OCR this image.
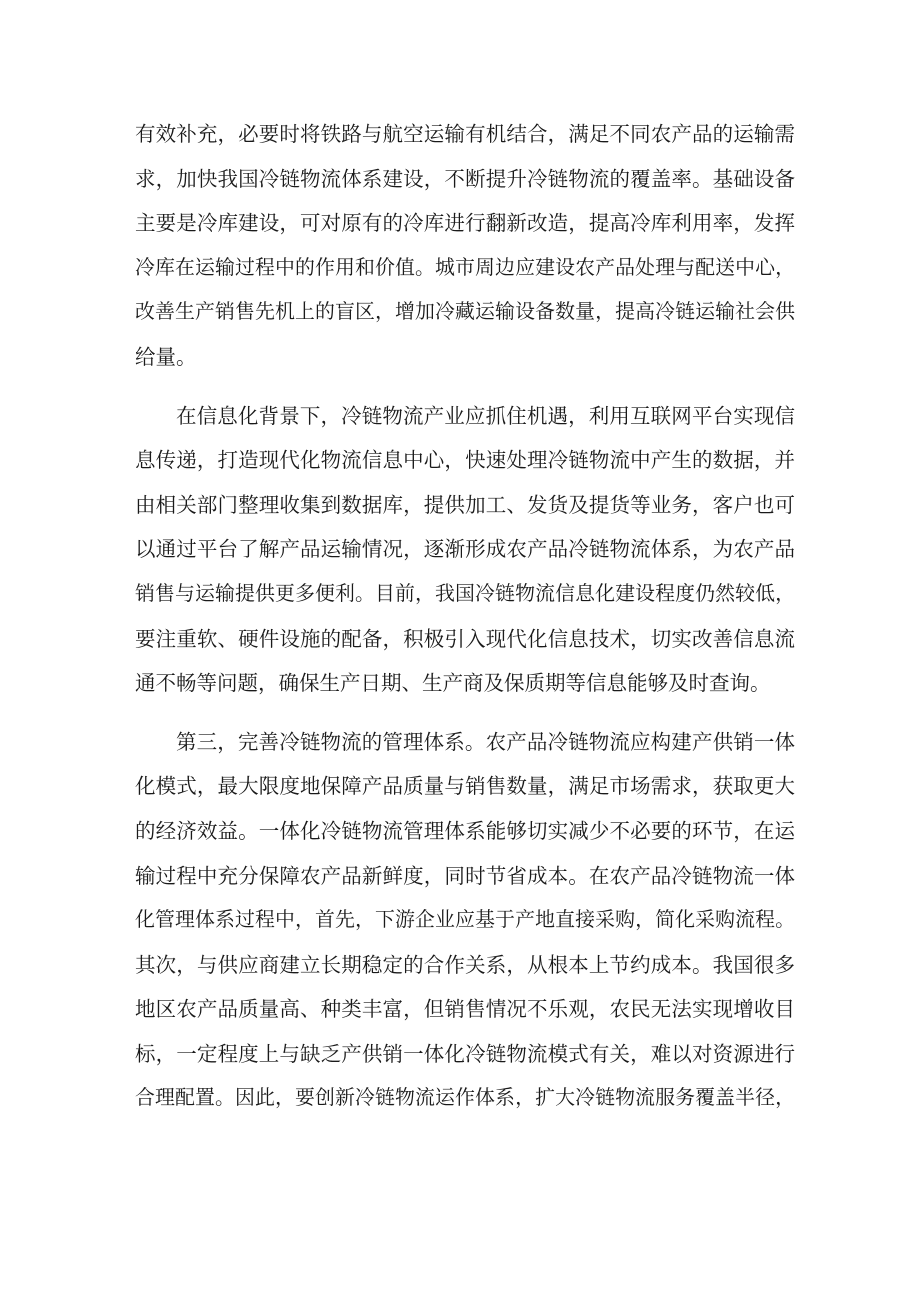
有效补充，必要时将铁路与航空运输有机结合，满足不同农产品的运输需
求，加快我国冷链物流体系建设，不断提升冷链物流的覆盖率。基础设备
主要是冷库建设，可对原有的冷库进行翻新改造，提高冷库利用率，发挥
冷库在运输过程中的作用和价值。城市周边应建设农产品处理与配送中心，
改善生产销售先机上的盲区，增加冷藏运输设备数量，提高冷链运输社会供
给量。
在信息化背景下，冷链物流产业应抓住机遇，利用互联网平台实现信
息传递，打造现代化物流信息中心，快速处理冷链物流中产生的数据，并
由相关部门整理收集到数据库，提供加工、发货及提货等业务，客户也可
以通过平台了解产品运输情况，逐渐形成农产品冷链物流体系，为农产品
销售与运输提供更多便利。目前，我国冷链物流信息化建设程度仍然较低，
要注重软、硬件设施的配备，积极引入现代化信息技术，切实改善信息流
通不畅等问题，确保生产日期、生产商及保质期等信息能够及时查询。
第三，完善冷链物流的管理体系。农产品冷链物流应构建产供销一体
化模式，最大限度地保障产品质量与销售数量，满足市场需求，获取更大
的经济效益。一体化冷链物流管理体系能够切实减少不必要的环节，在运
输过程中充分保障农产品新鲜度，同时节省成本。在农产品冷链物流一体
化管理体系过程中，首先，下游企业应基于产地直接采购，简化采购流程。
其次，与供应商建立长期稳定的合作关系，从根本上节约成本。我国很多
地区农产品质量高、种类丰富，但销售情况不乐观，农民无法实现增收目
标，一定程度上与缺乏产供销一体化冷链物流模式有关，难以对资源进行
合理配置。因此，要创新冷链物流运作体系，扩大冷链物流服务覆盖半径，
